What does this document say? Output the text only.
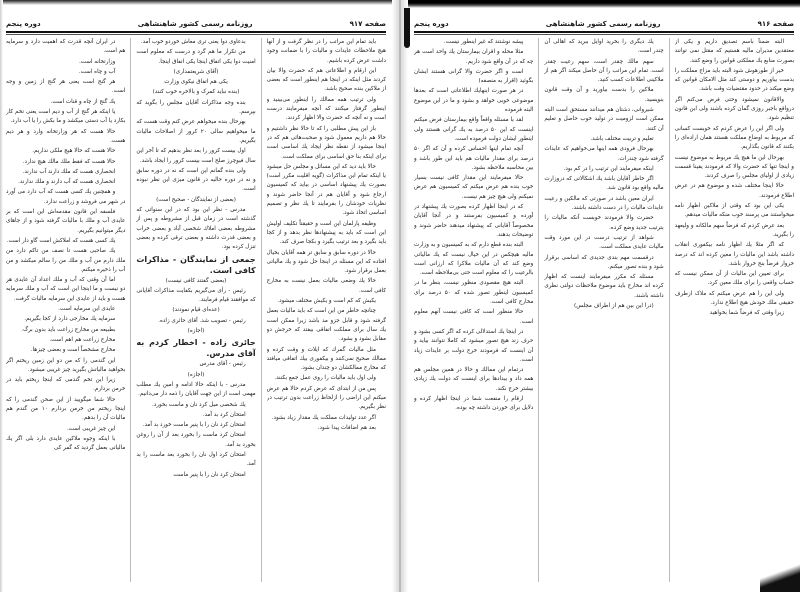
صفحه ۹۱۷
روزنامه رسمی کشور شاهنشاهی
دوره پنجم

باید تمام این مراتب را در نظر گرفت و از آنها هیچ ملاحظات عایدات و مالیات را با ضمانت وجود داشت عرض کرده باشیم.

این ارقام و اطلاعاتی هم که حضرت والا بیان کردند مثل اینکه در اینجا هم اینطور است که بعضی از ملاکین بنده صحیح باشد.

ولی ترتیب همه ممالك را اینطور می‌بینید و اینطور گرفتار میکنند که آنچه میفرمایند درست است و نه آنچه که حضرت والا اظهار کردند.

باز این پیش مطلبی را که تا حالا نظر داشتیم و حالا هم داریم معمول شود و صحبت‌هائی هم که در اینجا میشود از نقطه نظر ایجاد یك اساسی است برای اینکه بنا حق اساسی برای مملکت است.

حالا باید دید که این مسائل و مجلس حل میشود یا اینکه تمام این مذاکرات (گویه اقلیت مکرر است) بصورت یك پیشنهاد اساسی در بیاید که کمیسیون ارجاع شود و آقایان هم در آنجا حاضر شوند و نظریات خودشان را بفرمایند تا یك نظر و تصمیم اساسی اتخاذ شود.

وظیفه پارلمان این است و حقیقتاً تکلیف اولیش این است که باید به پیشنهادها نظر بدهد و از کجا باید بگیرد و بعد ترتیب بگیرد و بکجا صرف کند.

حالا در دوره سابق و سابق تر همه آقایان بخیال افتاده که این مسئله در اینجا حل شود و یك مالیاتی بعمل برقرار شود.

حالا یك وضعی مالیات بعمل نیست به مخارج کافی است.

یکیش که کم است و یکیش مختلف میشود.

چنانچه خاطر من این است که باید مالیات بعمل گرفته شود و قابل جزو مد باشد زیرا ممکن است یك سال برای مملکت اتفاقی بیفتد که خرجش دو مقابل بشود و بشود.

مثل مالیات گمرك که ایلات و وقت کرده و ممالك صحیح نمی‌کنند و بیکفوری بیك اتفاقی میافتد که مخارج ممالکشان دو چندان بشود.

ولی اول باید مالیات را روی عمل جمع بکنند.

پس من از ابتدای که عرض کردم حالا هم عرض میکنم این اراضی را ازلحاظ زراعت بدون ترتیب در نظر بگیریم.

اگر عدد تولیدات مملکت یك مقدار زیاد بشود.

بعد هم اضافات پیدا شود.

بدعاوی دوا یعنی تری معاش خوردو خوب آمد.

من تکرار ما هم گرد و درست که معلوم است امنیت دوا یکی اتفاق اینجا یکی اتفاق اینجا.

(آقای شریعتمداری)

یکی هم اتفاق نیکوی وزارت

(بنده نباید کمرک و بالاخره خوب کنند)

بنده وجه مذاکرات آقایان مجلس را بگوید که بپرسم.

بهرحال بنده میخواهم عرض کنم وقت هست که ما میخواهیم سالی ۲۰ کرور از اصلاحات مالیات بگیریم.

اول بیست کرور را بعد نظر بدهیم که تا آخر این سال فیوچرز صلح است بیست کرور را ایجاد باشد.

ولی بنده گمانم این است که نه در دوره سابق و نه در دوره حالیه در قانون میزی این نظر نبوده است.

(بعضی از نمایندگان - صحیح است)

مدرس - نظر این بود که در این سنواتی که گذشته است در زمان قبل از مشروطه و پس از مشروطه بعضی املاك شخصی آباد و بعضی خراب و بعضی قدرت داشته و بعضی ترقی کرده و بعضی تنزل کرده بود.

جمعی از نمایندگان - مذاکرات کافی است.

(بعضی گفتند کافی نیست)

رئیس - رأی می‌گیریم بکفایت مذاکرات آقایانی که موافقند قیام فرمایند.

(عده‌ای قیام نمودند)

رئیس - تصویب شد. آقای حائری زاده.

(اجازه)

حائری زاده - اخطار کردم به آقای مدرس.

رئیس - آقای مدرس

(اجازه)

مدرس - با اینکه حالا ادامه و امین یك مطلب مهمی است از این جهت آقایان را ذمه دار می‌دانیم.

یك شخصی میل کرد نان و ماست بخورد.

امتحان کرد بد آمد.

امتحان کرد نان را با پنیر ماست خورد بد آمد.

امتحان کرد ماست را بخورد بعد از آن را روغن بخورد بد آمد.

امتحان کرد اول نان را بخورد بعد ماست را بد آمد.

امتحان کرد نان را با پنیر ماست

در ایران آنچه قدرت که اهمیت دارد و سرمایه هم است.

وزارتخانه است.

آب و چاه است.

هر گنج است یعنی هر گنج از زمین و وجه است.

یك گنج از چاه و قنات است.

یا اینکه هر گنج از آب و دیم است یعنی تخم کار بکارد یا آب دستی میکشد و ما بکش را یا آب دارد.

حالا هست که هر وزارتخانه وارد و هر دیم هست.

حالا هست که حالا هیچ ملکی نداریم.

حالا هست که فقط ملك مالك هیچ ندارد.

انحصاری هست که ملك دارند آب ندارند.

انحصاری هست که آب دارند و ملك ندارند.

و همچنین یك کسی هست که آب دارد می آورد در شهر می فروشد و زراعت ندارد.

فلسفه این قانون مقدمه‌اش این است که بر عایدی آب و ملك با مالیات گرفته شود و از جاهای دیگر میتوانیم بگیریم.

یك کسی هست که املاکش است گاو دار است.

یك صاحبی هست تا نصف من تاکم دارد من ملك دارم من آب و ملك من را سالم میکشد و من آب را ذخیره میکنم.

اما آن وقتی که آب و ملك اعداد آن عایدی هر دو نیست و ما اینجا این است که آب و ملك سرمایه هست و باید از عایدی این سرمایه مالیات گرفت.

عایدی این سرمایه است.

سرمایه یك مخارجی دارد از کجا بگیریم.

بطبیعه من مخارج زراعت باید بدون برگ.

مخارج زراعت هم اهم است.

مخارج مشخصاً است و بعضی چیزها.

این گندمی را که من دو این زمین ریختم اگر بخواهید مالیاتش بگیرید چیز غریبی میشود.

زیرا این تخم گندمی که اینجا ریختم باید در خرمن بردارم.

حالا شما میگویید از این صحن گندمی را که اینجا ریختم من خرمن بردارم ۱۰ من گندم هم مالیات آن را بدهم.

این چیز غریبی است.

با اینکه وجوه ملاکین عایدی دارد بلی اگر یك مالیاتی بعمل گردید که گمر کی

صفحه ۹۱۶
روزنامه رسمی کشور شاهنشاهی
دوره پنجم

البته ضمناً باسم تصدیق داریم و یکی از معتقدین مدیران مالیه هستیم که مقتل نمی توانند بصورت منابع یك مملکتی قوانین را وضع کنند.

خیر از طورهوش شود البته باید مزاج مملکت را بدست بیاوریم و دوستی کند مثل الامکان قوانین که وضع میکند در حدود مقتضیات وقت باشد.

والاقانون نمیشود وحتی فرض می‌کنم اگر درواقع باجبر روزی گمان کرده باشند ولی این قانون تنظیم شود.

ولی اگر این را عرض کردم که خوبست کسانی که مربوط به اوضاع مملکت هستند همان اراده‌ای را بکنند که قانون بگذاریم.

بهرحال این ما هیچ یك مربوط به موضوع نیست و اینجا تنها که حضرت والا که فرمودند یقینا قسمت زیادی از اولیای مجلس را صرف کردند.

حالا اینجا مختلف شده و موضوع هم در عرض اطلاع فرمودند.

یکی این بود که وقتی از ملاکین اظهار نامه میخواستند می پرسند خوب منکه مالیات میدهم.

بعد عرض کردم که فرضاً سهم مالکانه و ولیعهد را بگیرید.

که اگر مثلا یك اظهار نامه بیکفوری انقلاب داشته باشد این مالیات را معین کرده اند که درصد خروار فرضاً بنج خروار باشد.

برای تعیین این مالیات از آن ممکن نیست که حساب واقعی را برای ملك معین کرد.

ولی این را هم عرض میکنم که ملاک ازطرف حقیقی ملك خودش هیچ اطلاع ندارد.

زیرا وقتی که فرضاً شما بخواهید

یك دیگری را بخرید اوایل ببرید که اهالی آن چندر است.

سهم مالك چقدر است، سهم رعیت چقدر است. تمام این مراتب را آن حاصل میکند اگر هم از ملاکینی اطلاعات کسب کنید.

ملاکین را بدست بیاورید و آن وقت قانون بنویسید.

شیروانی، دشتان هم میدانند مستحق است البته ممکن است لزومیت در تولید خوب حاصل و تعلیم آن کنند.

تعلیم و تربیت مختلف باشد.

بهرحال فرودی همه اینها می‌خواهیم که عایدات گرفته شود چندرات.

اینکه میفرمایند این ترتیب را در کم بود.

اگر خاطر آقایان باشد یك اشکالاتی که دروزارت مالیه واقع بود قانون شد.

ایران معین باشد در صورتی که مالکین و رعیت عایدات مالیات را در دست داشته باشند.

حضرت والا فرمودند خوبست آنکه مالیات را بترتیب جدید وضع کرده.

شواهد از ترتیب درست در این مورد وقت مالیات عایدی مملکت است.

درقسمت مهم بندی جدیدی که اساسی برقرار شود و بنده تصور میکنم.

مسئله که مکرر میفرمایند اینست که اظهار کرده اند مخارج باید موضوع ملاحظات دولتی نظری داشته باشند.

(درا این بین هم از اطراف مجلس)

پیشه نوشتند که غیر اینطور نیست.

مثلا محله و اقران بیمارستان یك واحد است هر چه که در آن واقع شود داریم.

است و اگر حضرت والا گرانی هستند ایشان بگوئید (اقرار به منصفه)

در هر صورت اینهایك اطلاعاتی است که بعدها موضوعی خوبی خواهد و بشود و ما در این موضوع البته فرموده

لقد با مسئله واقعاً واقع بیمارستان فرض میکنم اینست که این ۵۰ درصد به یك گرانی هستند ولی اینطور ایشان دولت فرموده است.

آنچه تمام اینها احساس کرده و آن که اگر ۵۰ درصد برای مقدار مالیات هم باید این طور باشد و بین محاسبه ملاحظه بشود.

حالا میفرمایند این مقدار کافی نیست بسیار خوب بنده هم عرض میکنم که کمیسیون هم عرض نمیکنم ولی هیچ چیز هم نیست.

که در اینجا اظهار کرده بصورت یك پیشنهاد در آورده و کمیسیون بفرستند و در آنجا آقایان مخصوصاً آقایانی که پیشنهاد میدهند حاضر شوند و توضیحات بدهند.

البته بنده قطع دارم که به کمیسیون و به وزارت مالیه هیچکس در این خیال نیست که یك مالیاتی وضع کند که آن مالیات ملاکرا که ارزانی است بالرعیت را که معلوم است حتی بی‌ملاحظه است.

البته هیچ مقصودی منظور نیست، بنظر ما در کمیسیون اینطور تصور شده که ۵۰ درصد برای مخارج کافی است.

حالا منظور است که کافی نیست آنهم معلوم است.

در اینجا یك استدلالی کرده که اگر کسی بشود و حرف زند هیچ تصور میشود که کاملا نتوانند بیاید و آن اینست که فرمودند خرج دولت بر عایدات زیاد است.

درتمام این ممالك و حالا در همین مجلس هم همه داد و بیدادها برای اینست که دولت یك زیادی بیشتر خرج نکند.

ارقام را منفعت شما در اینجا اظهار کرده و دلایل برای خوردن داشته چه بوده.
